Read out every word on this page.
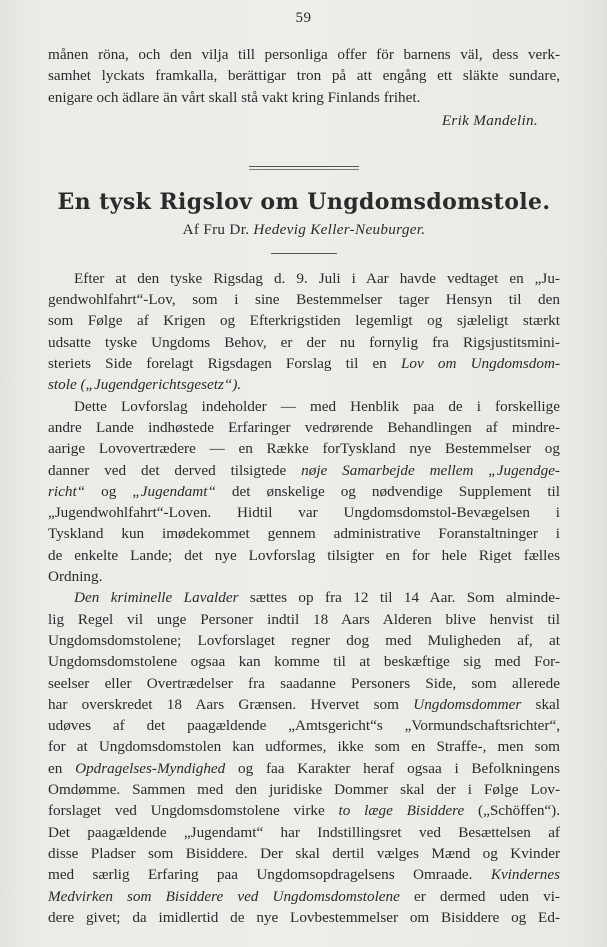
59

månen röna, och den vilja till personliga offer för barnens väl, dess verk-
samhet lyckats framkalla, berättigar tron på att engång ett släkte sundare,
enigare och ädlare än vårt skall stå vakt kring Finlands frihet.

Erik Mandelin.
En tysk Rigslov om Ungdomsdomstole.
Af Fru Dr. Hedevig Keller-Neuburger.

Efter at den tyske Rigsdag d. 9. Juli i Aar havde vedtaget en „Ju-
gendwohlfahrt“-Lov, som i sine Bestemmelser tager Hensyn til den
som Følge af Krigen og Efterkrigstiden legemligt og sjæleligt stærkt
udsatte tyske Ungdoms Behov, er der nu fornylig fra Rigsjustitsmini-
steriets Side forelagt Rigsdagen Forslag til en Lov om Ungdomsdom-
stole („Jugendgerichtsgesetz“).

Dette Lovforslag indeholder — med Henblik paa de i forskellige
andre Lande indhøstede Erfaringer vedrørende Behandlingen af mindre-
aarige Lovovertrædere — en Række forTyskland nye Bestemmelser og
danner ved det derved tilsigtede nøje Samarbejde mellem „Jugendge-
richt“ og „Jugendamt“ det ønskelige og nødvendige Supplement til
„Jugendwohlfahrt“-Loven. Hidtil var Ungdomsdomstol-Bevægelsen i
Tyskland kun imødekommet gennem administrative Foranstaltninger i
de enkelte Lande; det nye Lovforslag tilsigter en for hele Riget fælles
Ordning.

Den kriminelle Lavalder sættes op fra 12 til 14 Aar. Som alminde-
lig Regel vil unge Personer indtil 18 Aars Alderen blive henvist til
Ungdomsdomstolene; Lovforslaget regner dog med Muligheden af, at
Ungdomsdomstolene ogsaa kan komme til at beskæftige sig med For-
seelser eller Overtrædelser fra saadanne Personers Side, som allerede
har overskredet 18 Aars Grænsen. Hvervet som Ungdomsdommer skal
udøves af det paagældende „Amtsgericht“s „Vormundschaftsrichter“,
for at Ungdomsdomstolen kan udformes, ikke som en Straffe-, men som
en Opdragelses-Myndighed og faa Karakter heraf ogsaa i Befolkningens
Omdømme. Sammen med den juridiske Dommer skal der i Følge Lov-
forslaget ved Ungdomsdomstolene virke to læge Bisiddere („Schöffen“).
Det paagældende „Jugendamt“ har Indstillingsret ved Besættelsen af
disse Pladser som Bisiddere. Der skal dertil vælges Mænd og Kvinder
med særlig Erfaring paa Ungdomsopdragelsens Omraade. Kvindernes
Medvirken som Bisiddere ved Ungdomsdomstolene er dermed uden vi-
dere givet; da imidlertid de nye Lovbestemmelser om Bisiddere og Ed-
